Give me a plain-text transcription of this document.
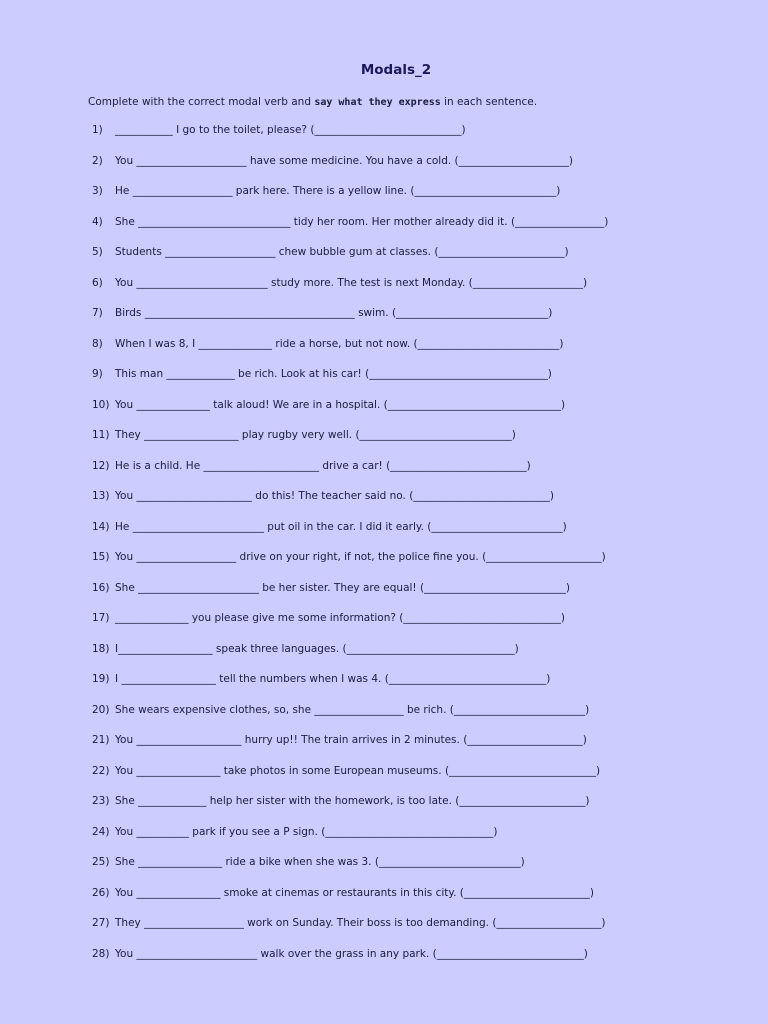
Modals_2
Complete with the correct modal verb and say what they express in each sentence.
1) ___________ I go to the toilet, please? (____________________________)
2) You _____________________ have some medicine. You have a cold. (_____________________)
3) He ___________________ park here. There is a yellow line. (___________________________)
4) She _____________________________ tidy her room. Her mother already did it. (_________________)
5) Students _____________________ chew bubble gum at classes. (________________________)
6) You _________________________ study more. The test is next Monday. (_____________________)
7) Birds ________________________________________ swim. (_____________________________)
8) When I was 8, I ______________ ride a horse, but not now. (___________________________)
9) This man _____________ be rich. Look at his car! (__________________________________)
10) You ______________ talk aloud! We are in a hospital. (_________________________________)
11) They __________________ play rugby very well. (_____________________________)
12) He is a child. He ______________________ drive a car! (__________________________)
13) You ______________________ do this! The teacher said no. (__________________________)
14) He _________________________ put oil in the car. I did it early. (_________________________)
15) You ___________________ drive on your right, if not, the police fine you. (______________________)
16) She _______________________ be her sister. They are equal! (___________________________)
17) ______________ you please give me some information? (______________________________)
18) I__________________ speak three languages. (________________________________)
19) I __________________ tell the numbers when I was 4. (______________________________)
20) She wears expensive clothes, so, she _________________ be rich. (_________________________)
21) You ____________________ hurry up!! The train arrives in 2 minutes. (______________________)
22) You ________________ take photos in some European museums. (____________________________)
23) She _____________ help her sister with the homework, is too late. (________________________)
24) You __________ park if you see a P sign. (________________________________)
25) She ________________ ride a bike when she was 3. (___________________________)
26) You ________________ smoke at cinemas or restaurants in this city. (________________________)
27) They ___________________ work on Sunday. Their boss is too demanding. (____________________)
28) You _______________________ walk over the grass in any park. (____________________________)
